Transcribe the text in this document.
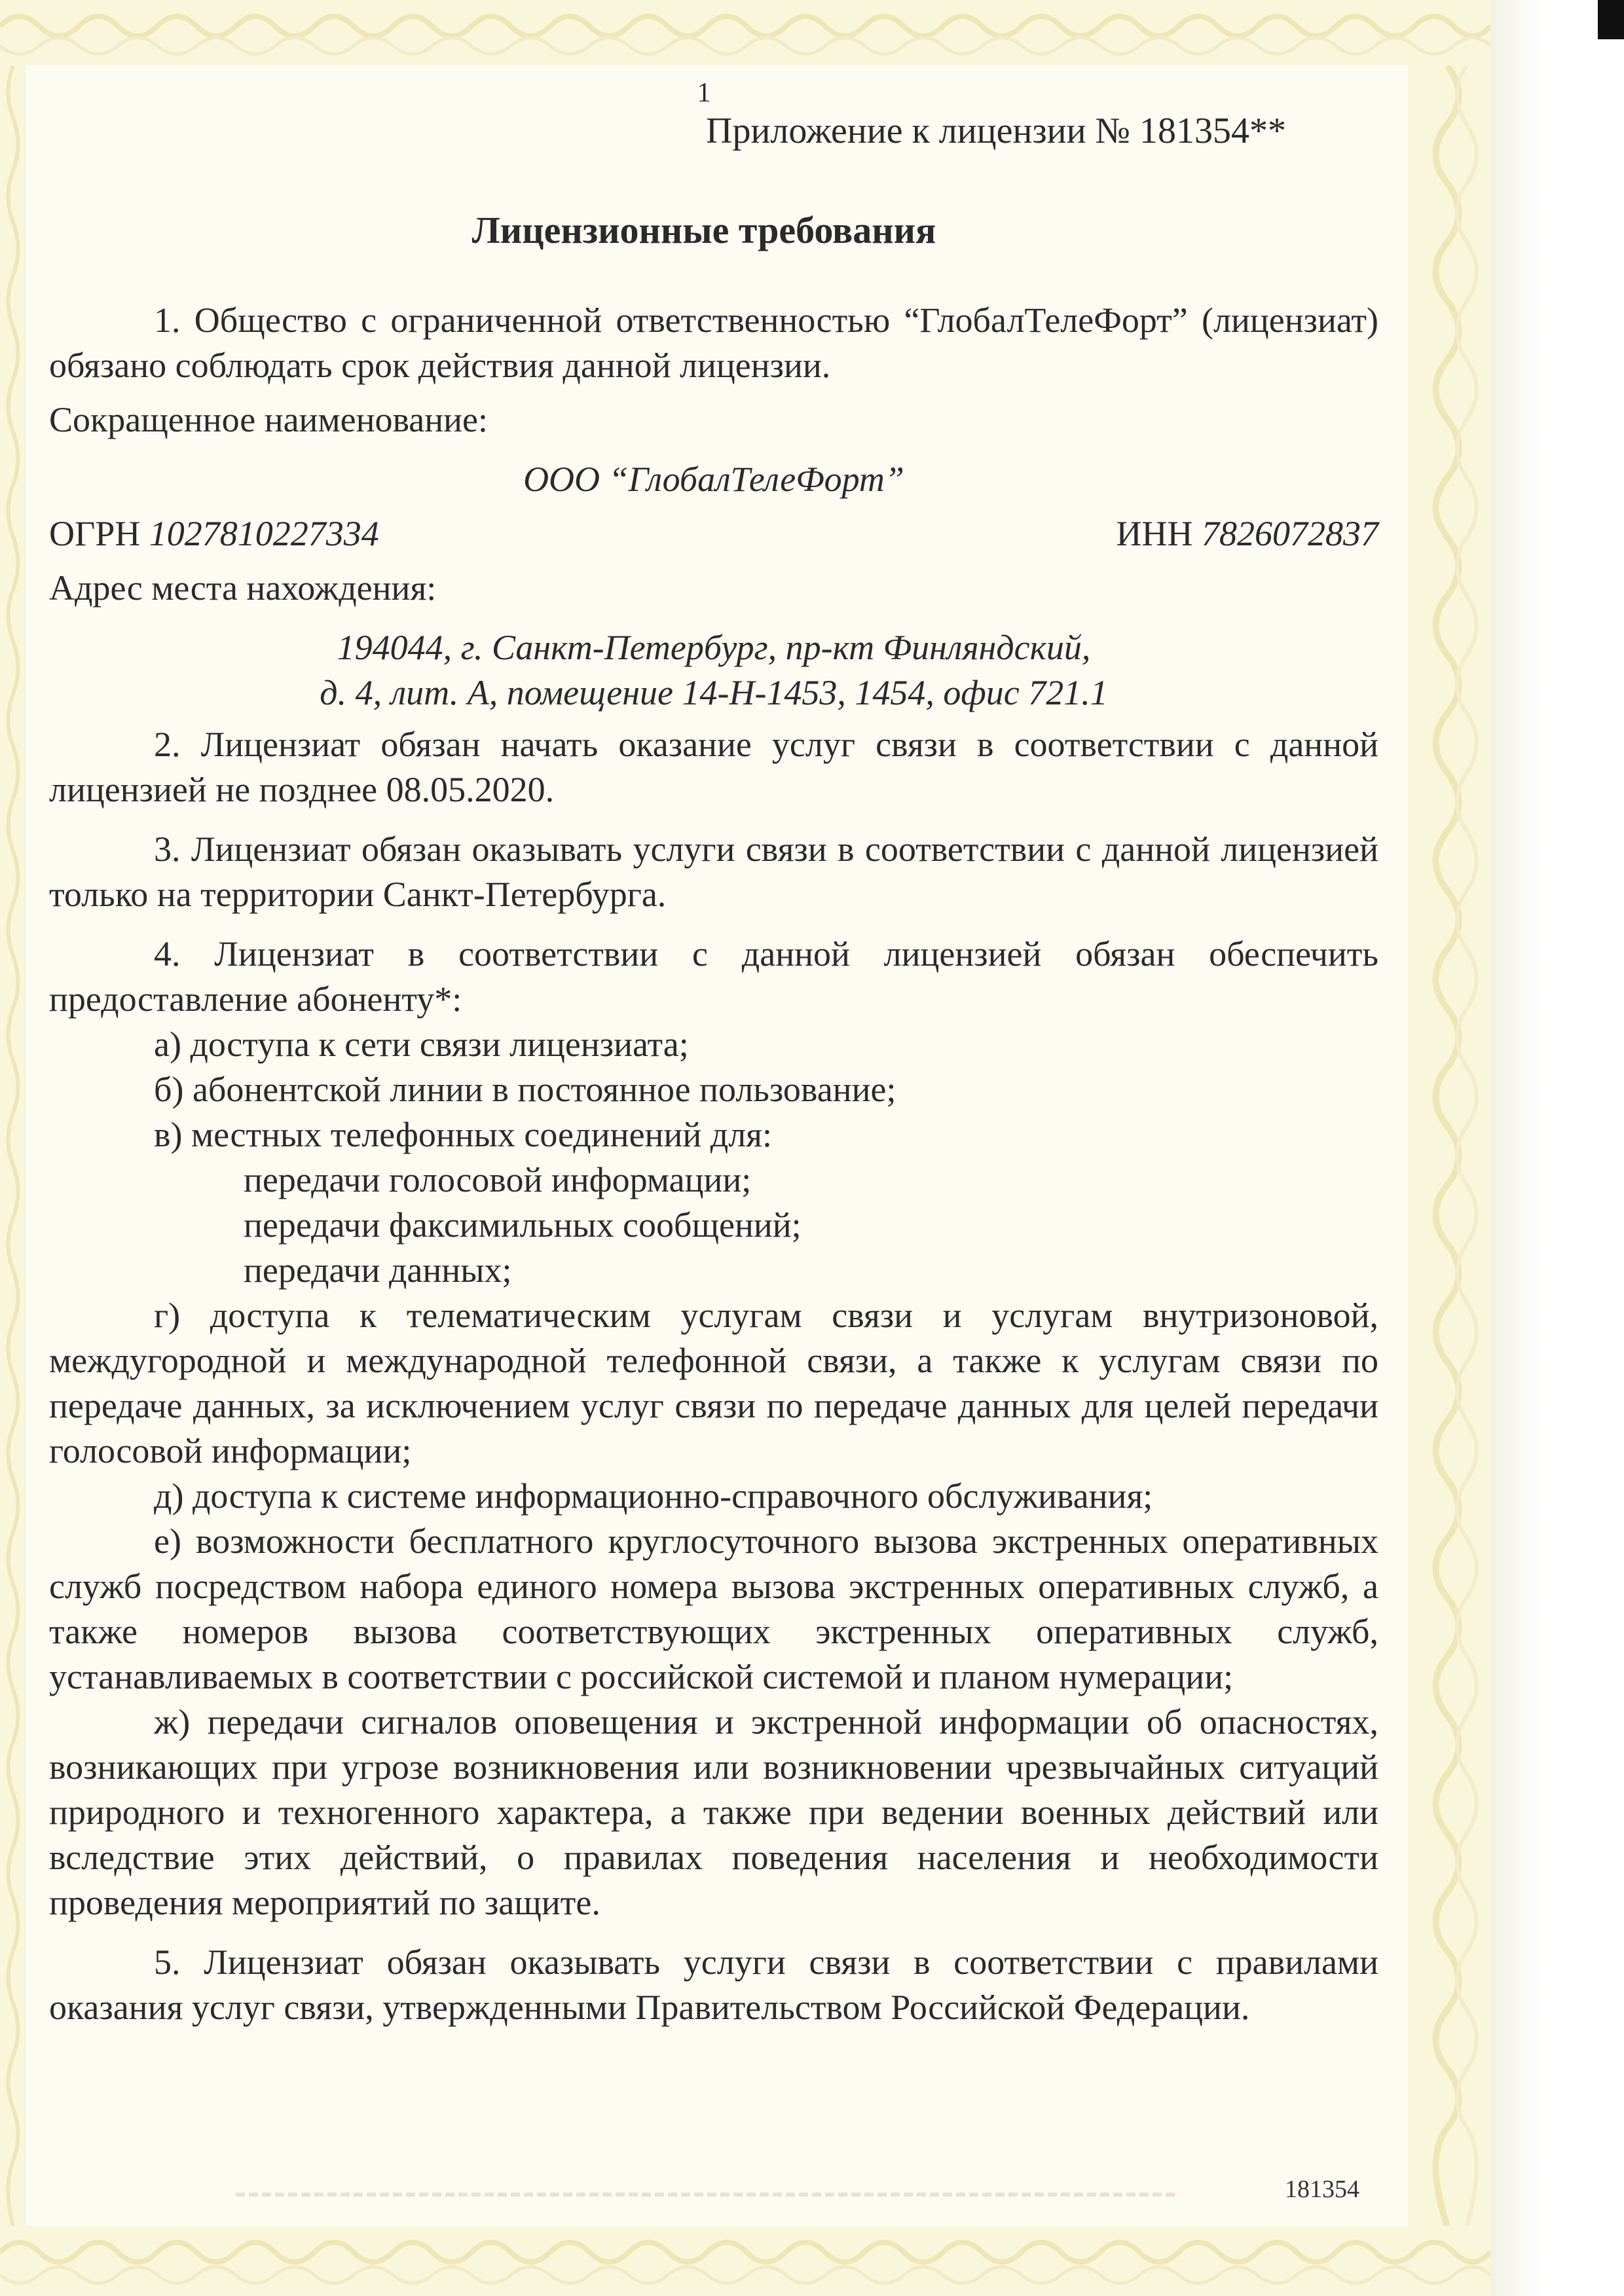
1
Приложение к лицензии № 181354**
Лицензионные требования

1. Общество с ограниченной ответственностью “ГлобалТелеФорт” (лицензиат) обязано соблюдать срок действия данной лицензии.

Сокращенное наименование:

ООО “ГлобалТелеФорт”

ОГРН 1027810227334	ИНН 7826072837

Адрес места нахождения:

194044, г. Санкт-Петербург, пр-кт Финляндский,

д. 4, лит. А, помещение 14-Н-1453, 1454, офис 721.1

2. Лицензиат обязан начать оказание услуг связи в соответствии с данной лицензией не позднее 08.05.2020.

3. Лицензиат обязан оказывать услуги связи в соответствии с данной лицензией только на территории Санкт-Петербурга.

4. Лицензиат в соответствии с данной лицензией обязан обеспечить предоставление абоненту*:

а) доступа к сети связи лицензиата;

б) абонентской линии в постоянное пользование;

в) местных телефонных соединений для:

передачи голосовой информации;

передачи факсимильных сообщений;

передачи данных;

г) доступа к телематическим услугам связи и услугам внутризоновой, междугородной и международной телефонной связи, а также к услугам связи по передаче данных, за исключением услуг связи по передаче данных для целей передачи голосовой информации;

д) доступа к системе информационно-справочного обслуживания;

е) возможности бесплатного круглосуточного вызова экстренных оперативных служб посредством набора единого номера вызова экстренных оперативных служб, а также номеров вызова соответствующих экстренных оперативных служб, устанавливаемых в соответствии с российской системой и планом нумерации;

ж) передачи сигналов оповещения и экстренной информации об опасностях, возникающих при угрозе возникновения или возникновении чрезвычайных ситуаций природного и техногенного характера, а также при ведении военных действий или вследствие этих действий, о правилах поведения населения и необходимости проведения мероприятий по защите.

5. Лицензиат обязан оказывать услуги связи в соответствии с правилами оказания услуг связи, утвержденными Правительством Российской Федерации.

181354
